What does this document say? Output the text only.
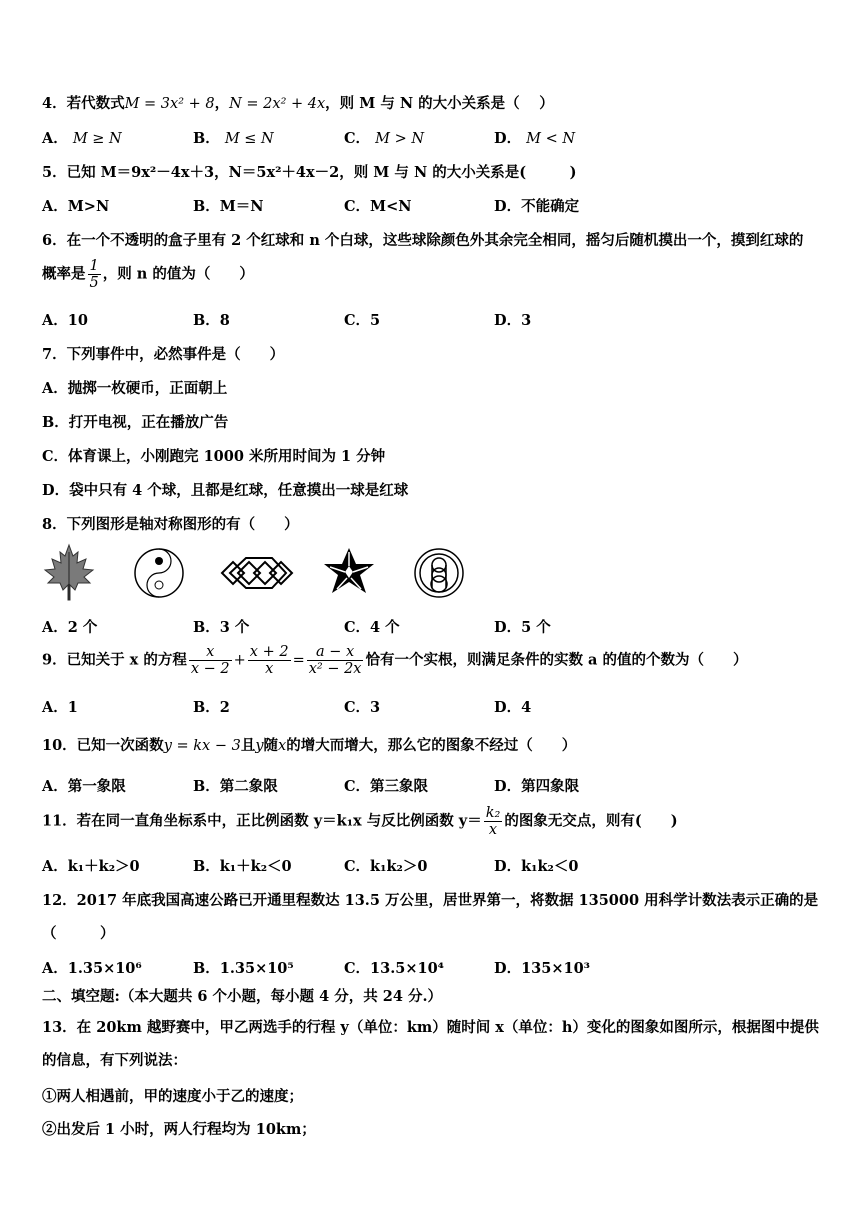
4．若代数式M = 3x² + 8，N = 2x² + 4x，则 M 与 N 的大小关系是（　 ）
A． M ≥ N	B． M ≤ N	C． M > N	D． M < N
5．已知 M＝9x²－4x＋3，N＝5x²＋4x－2，则 M 与 N 的大小关系是(　　　)
A．M>N	B．M＝N	C．M<N	D．不能确定
6．在一个不透明的盒子里有 2 个红球和 n 个白球，这些球除颜色外其余完全相同，摇匀后随机摸出一个，摸到红球的
概率是 $\frac{1}{5}$ ，则 n 的值为（　　）
A．10	B．8	C．5	D．3
7．下列事件中，必然事件是（　　）
A．抛掷一枚硬币，正面朝上
B．打开电视，正在播放广告
C．体育课上，小刚跑完 1000 米所用时间为 1 分钟
D．袋中只有 4 个球，且都是红球，任意摸出一球是红球
8．下列图形是轴对称图形的有（　　）
A．2 个	B．3 个	C．4 个	D．5 个
9．已知关于 x 的方程 $\frac{x}{x - 2} + \frac{x + 2}{x} = \frac{a - x}{\text{x² − 2x}}$ 恰有一个实根，则满足条件的实数 a 的值的个数为（　　）
A．1	B．2	C．3	D．4
10．已知一次函数y = kx − 3且y随x的增大而增大，那么它的图象不经过（　　）
A．第一象限	B．第二象限	C．第三象限	D．第四象限
11．若在同一直角坐标系中，正比例函数 y＝k₁x 与反比例函数 $y= \frac{\text{k₂}}{x}$ 的图象无交点，则有(　　)
A．k₁＋k₂＞0	B．k₁＋k₂＜0	C．k₁k₂＞0	D．k₁k₂＜0
12．2017 年底我国高速公路已开通里程数达 13.5 万公里，居世界第一，将数据 135000 用科学计数法表示正确的是
（　　　）
A．1.35×10⁶	B．1.35×10⁵	C．13.5×10⁴	D．135×10³
二、填空题:（本大题共 6 个小题，每小题 4 分，共 24 分.）
13．在 20km 越野赛中，甲乙两选手的行程 y（单位：km）随时间 x（单位：h）变化的图象如图所示，根据图中提供
的信息，有下列说法：
①两人相遇前，甲的速度小于乙的速度；
②出发后 1 小时，两人行程均为 10km；
